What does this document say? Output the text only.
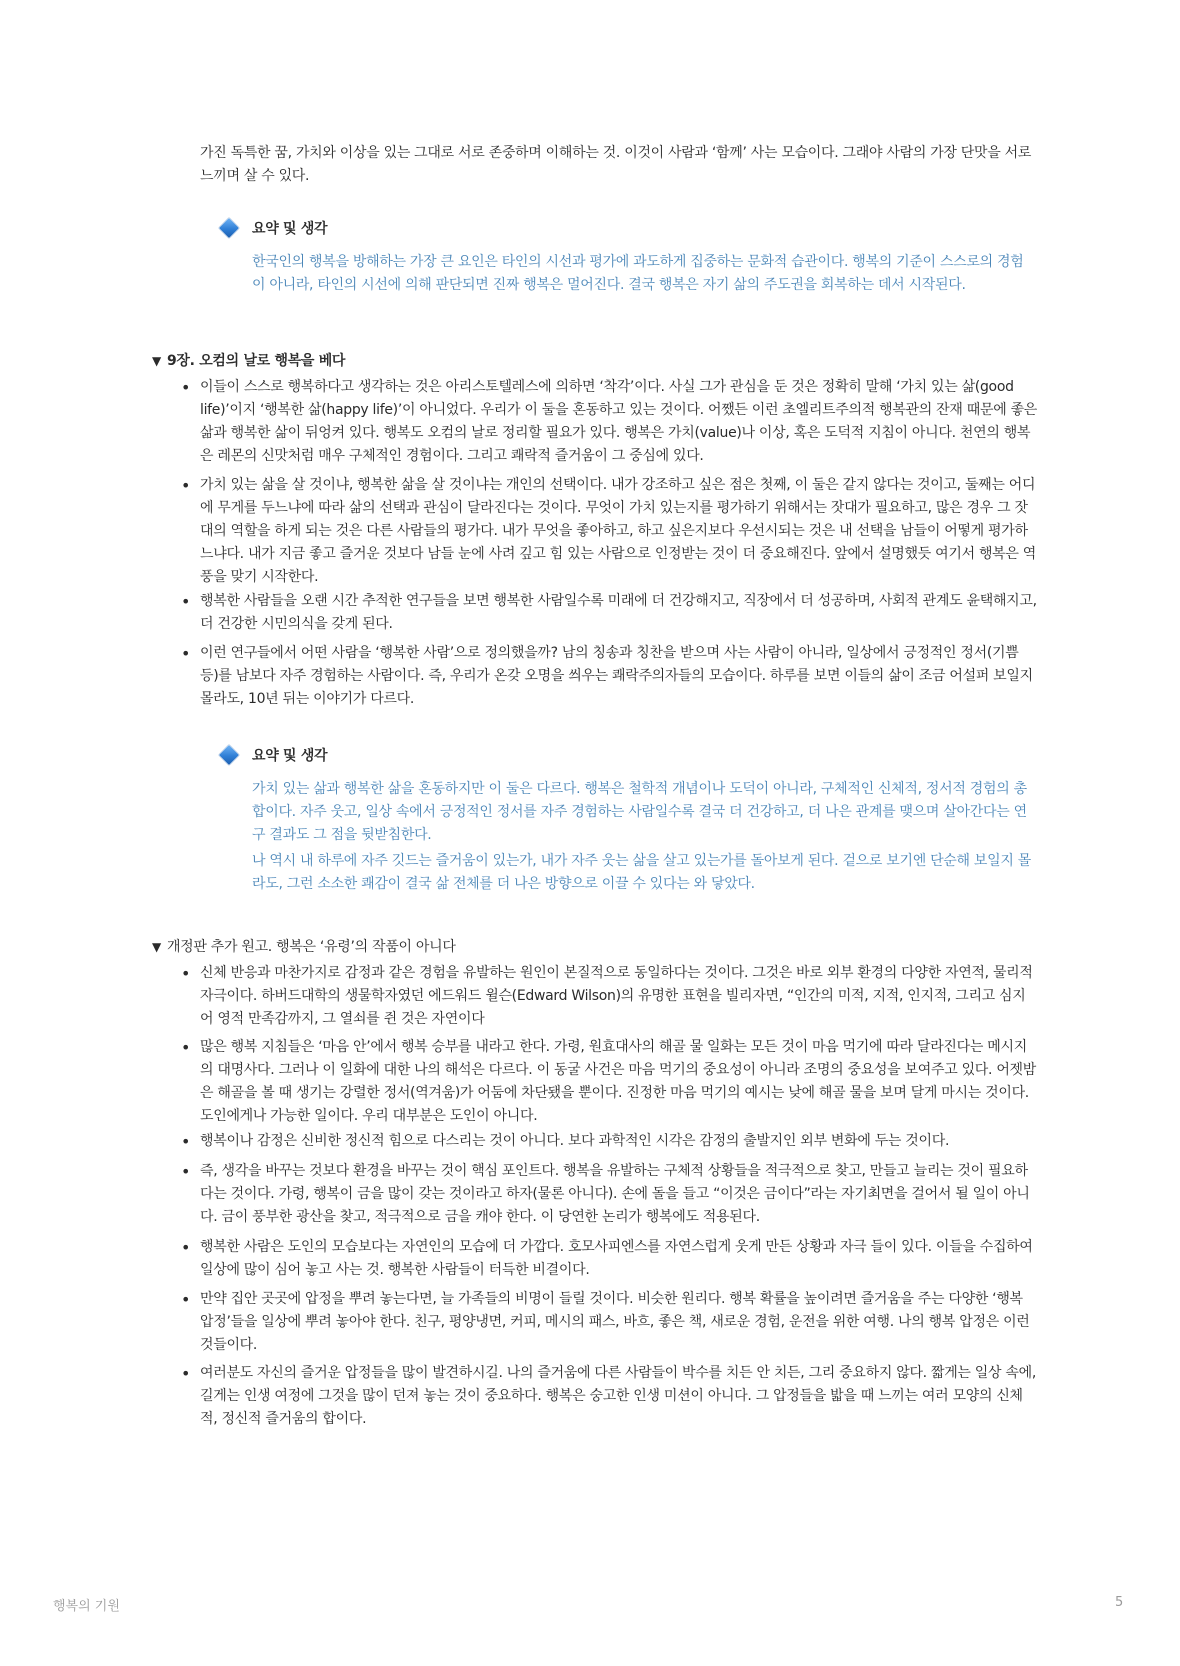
가진 독특한 꿈, 가치와 이상을 있는 그대로 서로 존중하며 이해하는 것. 이것이 사람과 ‘함께’ 사는 모습이다. 그래야 사람의 가장 단맛을 서로 느끼며 살 수 있다.

요약 및 생각

한국인의 행복을 방해하는 가장 큰 요인은 타인의 시선과 평가에 과도하게 집중하는 문화적 습관이다. 행복의 기준이 스스로의 경험이 아니라, 타인의 시선에 의해 판단되면 진짜 행복은 멀어진다. 결국 행복은 자기 삶의 주도권을 회복하는 데서 시작된다.

▼ 9장. 오컴의 날로 행복을 베다

• 이들이 스스로 행복하다고 생각하는 것은 아리스토텔레스에 의하면 ‘착각’이다. 사실 그가 관심을 둔 것은 정확히 말해 ‘가치 있는 삶(good life)’이지 ‘행복한 삶(happy life)’이 아니었다. 우리가 이 둘을 혼동하고 있는 것이다. 어쨌든 이런 초엘리트주의적 행복관의 잔재 때문에 좋은 삶과 행복한 삶이 뒤엉켜 있다. 행복도 오컴의 날로 정리할 필요가 있다. 행복은 가치(value)나 이상, 혹은 도덕적 지침이 아니다. 천연의 행복은 레몬의 신맛처럼 매우 구체적인 경험이다. 그리고 쾌락적 즐거움이 그 중심에 있다.

• 가치 있는 삶을 살 것이냐, 행복한 삶을 살 것이냐는 개인의 선택이다. 내가 강조하고 싶은 점은 첫째, 이 둘은 같지 않다는 것이고, 둘째는 어디에 무게를 두느냐에 따라 삶의 선택과 관심이 달라진다는 것이다. 무엇이 가치 있는지를 평가하기 위해서는 잣대가 필요하고, 많은 경우 그 잣대의 역할을 하게 되는 것은 다른 사람들의 평가다. 내가 무엇을 좋아하고, 하고 싶은지보다 우선시되는 것은 내 선택을 남들이 어떻게 평가하느냐다. 내가 지금 좋고 즐거운 것보다 남들 눈에 사려 깊고 힘 있는 사람으로 인정받는 것이 더 중요해진다. 앞에서 설명했듯 여기서 행복은 역풍을 맞기 시작한다.

• 행복한 사람들을 오랜 시간 추적한 연구들을 보면 행복한 사람일수록 미래에 더 건강해지고, 직장에서 더 성공하며, 사회적 관계도 윤택해지고, 더 건강한 시민의식을 갖게 된다.

• 이런 연구들에서 어떤 사람을 ‘행복한 사람’으로 정의했을까? 남의 칭송과 칭찬을 받으며 사는 사람이 아니라, 일상에서 긍정적인 정서(기쁨 등)를 남보다 자주 경험하는 사람이다. 즉, 우리가 온갖 오명을 씌우는 쾌락주의자들의 모습이다. 하루를 보면 이들의 삶이 조금 어설퍼 보일지 몰라도, 10년 뒤는 이야기가 다르다.

요약 및 생각

가치 있는 삶과 행복한 삶을 혼동하지만 이 둘은 다르다. 행복은 철학적 개념이나 도덕이 아니라, 구체적인 신체적, 정서적 경험의 총합이다. 자주 웃고, 일상 속에서 긍정적인 정서를 자주 경험하는 사람일수록 결국 더 건강하고, 더 나은 관계를 맺으며 살아간다는 연구 결과도 그 점을 뒷받침한다.

나 역시 내 하루에 자주 깃드는 즐거움이 있는가, 내가 자주 웃는 삶을 살고 있는가를 돌아보게 된다. 겉으로 보기엔 단순해 보일지 몰라도, 그런 소소한 쾌감이 결국 삶 전체를 더 나은 방향으로 이끌 수 있다는 와 닿았다.

▼ 개정판 추가 원고. 행복은 ‘유령’의 작품이 아니다

• 신체 반응과 마찬가지로 감정과 같은 경험을 유발하는 원인이 본질적으로 동일하다는 것이다. 그것은 바로 외부 환경의 다양한 자연적, 물리적 자극이다. 하버드대학의 생물학자였던 에드워드 윌슨(Edward Wilson)의 유명한 표현을 빌리자면, “인간의 미적, 지적, 인지적, 그리고 심지어 영적 만족감까지, 그 열쇠를 쥔 것은 자연이다

• 많은 행복 지침들은 ‘마음 안’에서 행복 승부를 내라고 한다. 가령, 원효대사의 해골 물 일화는 모든 것이 마음 먹기에 따라 달라진다는 메시지의 대명사다. 그러나 이 일화에 대한 나의 해석은 다르다. 이 동굴 사건은 마음 먹기의 중요성이 아니라 조명의 중요성을 보여주고 있다. 어젯밤은 해골을 볼 때 생기는 강렬한 정서(역겨움)가 어둠에 차단됐을 뿐이다. 진정한 마음 먹기의 예시는 낮에 해골 물을 보며 달게 마시는 것이다. 도인에게나 가능한 일이다. 우리 대부분은 도인이 아니다.

• 행복이나 감정은 신비한 정신적 힘으로 다스리는 것이 아니다. 보다 과학적인 시각은 감정의 출발지인 외부 변화에 두는 것이다.

• 즉, 생각을 바꾸는 것보다 환경을 바꾸는 것이 핵심 포인트다. 행복을 유발하는 구체적 상황들을 적극적으로 찾고, 만들고 늘리는 것이 필요하다는 것이다. 가령, 행복이 금을 많이 갖는 것이라고 하자(물론 아니다). 손에 돌을 들고 “이것은 금이다”라는 자기최면을 걸어서 될 일이 아니다. 금이 풍부한 광산을 찾고, 적극적으로 금을 캐야 한다. 이 당연한 논리가 행복에도 적용된다.

• 행복한 사람은 도인의 모습보다는 자연인의 모습에 더 가깝다. 호모사피엔스를 자연스럽게 웃게 만든 상황과 자극 들이 있다. 이들을 수집하여 일상에 많이 심어 놓고 사는 것. 행복한 사람들이 터득한 비결이다.

• 만약 집안 곳곳에 압정을 뿌려 놓는다면, 늘 가족들의 비명이 들릴 것이다. 비슷한 원리다. 행복 확률을 높이려면 즐거움을 주는 다양한 ‘행복 압정’들을 일상에 뿌려 놓아야 한다. 친구, 평양냉면, 커피, 메시의 패스, 바흐, 좋은 책, 새로운 경험, 운전을 위한 여행. 나의 행복 압정은 이런 것들이다.

• 여러분도 자신의 즐거운 압정들을 많이 발견하시길. 나의 즐거움에 다른 사람들이 박수를 치든 안 치든, 그리 중요하지 않다. 짧게는 일상 속에, 길게는 인생 여정에 그것을 많이 던져 놓는 것이 중요하다. 행복은 숭고한 인생 미션이 아니다. 그 압정들을 밟을 때 느끼는 여러 모양의 신체적, 정신적 즐거움의 합이다.

행복의 기원	5
